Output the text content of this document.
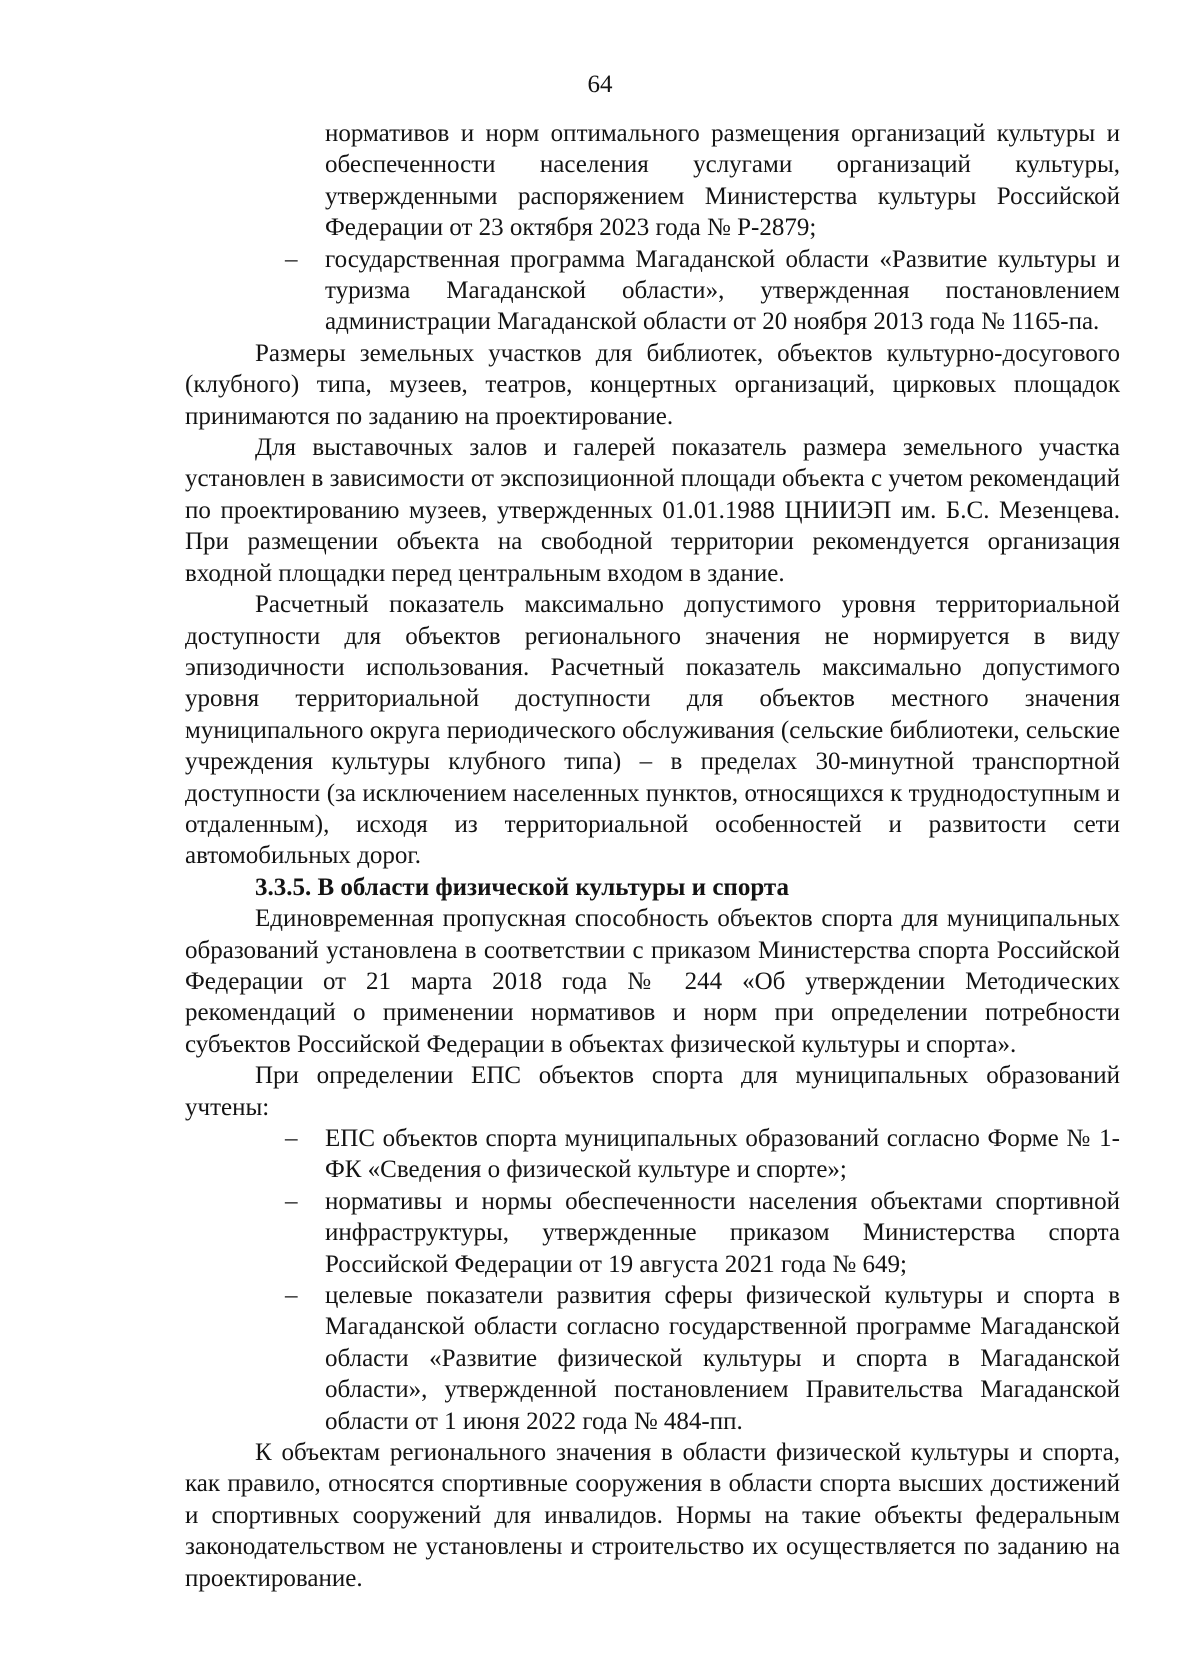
64
нормативов и норм оптимального размещения организаций культуры и обеспеченности населения услугами организаций культуры, утвержденными распоряжением Министерства культуры Российской Федерации от 23 октября 2023 года № Р-2879;
– государственная программа Магаданской области «Развитие культуры и туризма Магаданской области», утвержденная постановлением администрации Магаданской области от 20 ноября 2013 года № 1165-па.

Размеры земельных участков для библиотек, объектов культурно-досугового (клубного) типа, музеев, театров, концертных организаций, цирковых площадок принимаются по заданию на проектирование.

Для выставочных залов и галерей показатель размера земельного участка установлен в зависимости от экспозиционной площади объекта с учетом рекомендаций по проектированию музеев, утвержденных 01.01.1988 ЦНИИЭП им. Б.С. Мезенцева. При размещении объекта на свободной территории рекомендуется организация входной площадки перед центральным входом в здание.

Расчетный показатель максимально допустимого уровня территориальной доступности для объектов регионального значения не нормируется в виду эпизодичности использования. Расчетный показатель максимально допустимого уровня территориальной доступности для объектов местного значения муниципального округа периодического обслуживания (сельские библиотеки, сельские учреждения культуры клубного типа) – в пределах 30-минутной транспортной доступности (за исключением населенных пунктов, относящихся к труднодоступным и отдаленным), исходя из территориальной особенностей и развитости сети автомобильных дорог.

3.3.5. В области физической культуры и спорта

Единовременная пропускная способность объектов спорта для муниципальных образований установлена в соответствии с приказом Министерства спорта Российской Федерации от 21 марта 2018 года № 244 «Об утверждении Методических рекомендаций о применении нормативов и норм при определении потребности субъектов Российской Федерации в объектах физической культуры и спорта».

При определении ЕПС объектов спорта для муниципальных образований учтены:

– ЕПС объектов спорта муниципальных образований согласно Форме № 1-ФК «Сведения о физической культуре и спорте»;
– нормативы и нормы обеспеченности населения объектами спортивной инфраструктуры, утвержденные приказом Министерства спорта Российской Федерации от 19 августа 2021 года № 649;
– целевые показатели развития сферы физической культуры и спорта в Магаданской области согласно государственной программе Магаданской области «Развитие физической культуры и спорта в Магаданской области», утвержденной постановлением Правительства Магаданской области от 1 июня 2022 года № 484-пп.

К объектам регионального значения в области физической культуры и спорта, как правило, относятся спортивные сооружения в области спорта высших достижений и спортивных сооружений для инвалидов. Нормы на такие объекты федеральным законодательством не установлены и строительство их осуществляется по заданию на проектирование.
